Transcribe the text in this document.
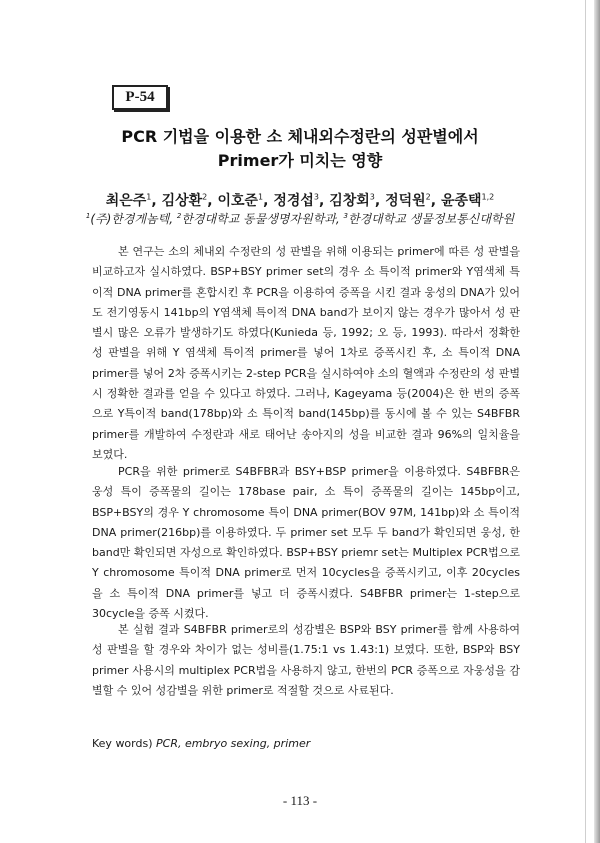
P-54
PCR 기법을 이용한 소 체내외수정란의 성판별에서
Primer가 미치는 영향
최은주$^1$, 김상환$^2$, 이호준$^1$, 정경섭$^3$, 김창회$^3$, 정덕원$^2$, 윤종택$^{1,2}$
$^1$(주)한경게놈텍, $^2$한경대학교 동물생명자원학과, $^3$한경대학교 생물정보통신대학원

본 연구는 소의 체내외 수정란의 성 판별을 위해 이용되는 primer에 따른 성 판별을 비교하고자 실시하였다. BSP+BSY primer set의 경우 소 특이적 primer와 Y염색체 특이적 DNA primer를 혼합시킨 후 PCR을 이용하여 증폭을 시킨 결과 웅성의 DNA가 있어도 전기영동시 141bp의 Y염색체 특이적 DNA band가 보이지 않는 경우가 많아서 성 판별시 많은 오류가 발생하기도 하였다(Kunieda 등, 1992; 오 등, 1993). 따라서 정확한 성 판별을 위해 Y 염색체 특이적 primer를 넣어 1차로 증폭시킨 후, 소 특이적 DNA primer를 넣어 2차 증폭시키는 2-step PCR을 실시하여야 소의 혈액과 수정란의 성 판별시 정확한 결과를 얻을 수 있다고 하였다. 그러나, Kageyama 등(2004)은 한 번의 증폭으로 Y특이적 band(178bp)와 소 특이적 band(145bp)를 동시에 볼 수 있는 S4BFBR primer를 개발하여 수정란과 새로 태어난 송아지의 성을 비교한 결과 96%의 일치율을 보였다.

PCR을 위한 primer로 S4BFBR과 BSY+BSP primer을 이용하였다. S4BFBR은 웅성 특이 증폭물의 길이는 178base pair, 소 특이 증폭물의 길이는 145bp이고, BSP+BSY의 경우 Y chromosome 특이 DNA primer(BOV 97M, 141bp)와 소 특이적 DNA primer(216bp)를 이용하였다. 두 primer set 모두 두 band가 확인되면 웅성, 한 band만 확인되면 자성으로 확인하였다. BSP+BSY priemr set는 Multiplex PCR법으로 Y chromosome 특이적 DNA primer로 먼저 10cycles을 증폭시키고, 이후 20cycles을 소 특이적 DNA primer를 넣고 더 증폭시켰다. S4BFBR primer는 1-step으로 30cycle을 증폭 시켰다.

본 실험 결과 S4BFBR primer로의 성감별은 BSP와 BSY primer를 함께 사용하여 성 판별을 할 경우와 차이가 없는 성비를(1.75:1 vs 1.43:1) 보였다. 또한, BSP와 BSY primer 사용시의 multiplex PCR법을 사용하지 않고, 한번의 PCR 증폭으로 자웅성을 감별할 수 있어 성감별을 위한 primer로 적절할 것으로 사료된다.

Key words) PCR, embryo sexing, primer
- 113 -
